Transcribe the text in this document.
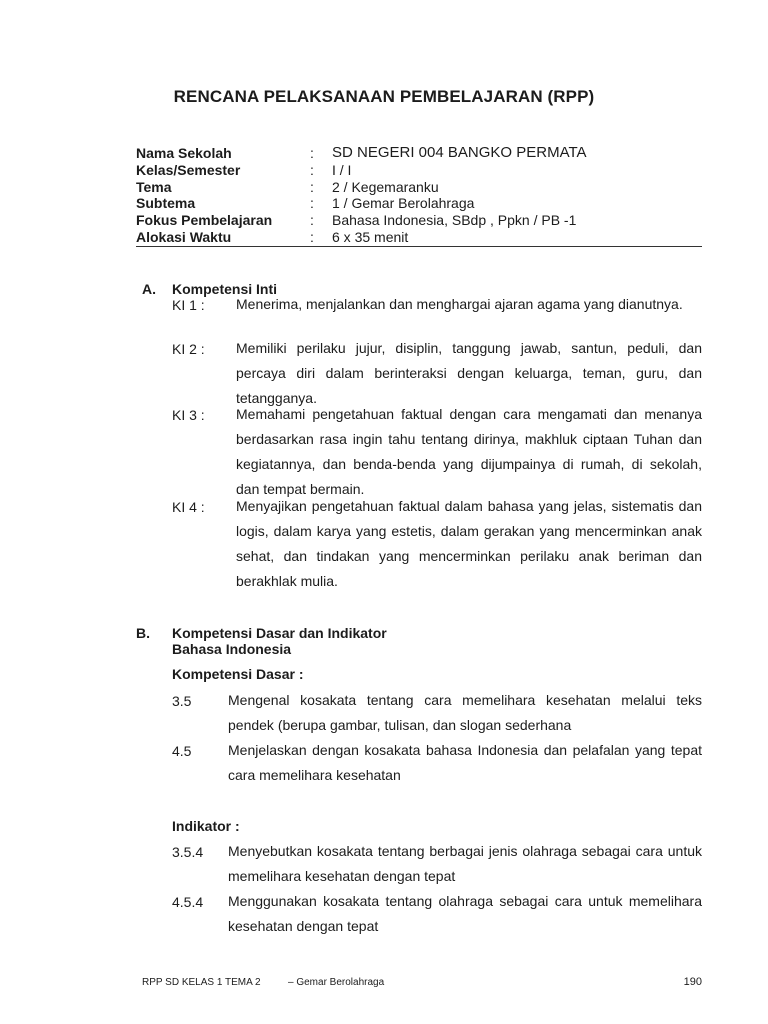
RENCANA PELAKSANAAN PEMBELAJARAN (RPP)
Nama Sekolah	: SD NEGERI 004 BANGKO PERMATA
Kelas/Semester	: I / I
Tema	: 2 / Kegemaranku
Subtema	: 1 / Gemar Berolahraga
Fokus Pembelajaran	: Bahasa Indonesia, SBdp , Ppkn / PB -1
Alokasi Waktu	: 6 x 35 menit
A. Kompetensi Inti
KI 1 :	Menerima, menjalankan dan menghargai ajaran agama yang dianutnya.
KI 2 :	Memiliki perilaku jujur, disiplin, tanggung jawab, santun, peduli, dan percaya diri dalam berinteraksi dengan keluarga, teman, guru, dan tetangganya.
KI 3 :	Memahami pengetahuan faktual dengan cara mengamati dan menanya berdasarkan rasa ingin tahu tentang dirinya, makhluk ciptaan Tuhan dan kegiatannya, dan benda-benda yang dijumpainya di rumah, di sekolah, dan tempat bermain.
KI 4 :	Menyajikan pengetahuan faktual dalam bahasa yang jelas, sistematis dan logis, dalam karya yang estetis, dalam gerakan yang mencerminkan anak sehat, dan tindakan yang mencerminkan perilaku anak beriman dan berakhlak mulia.
B. Kompetensi Dasar dan Indikator
Bahasa Indonesia
Kompetensi Dasar :
3.5	Mengenal kosakata tentang cara memelihara kesehatan melalui teks pendek (berupa gambar, tulisan, dan slogan sederhana
4.5	Menjelaskan dengan kosakata bahasa Indonesia dan pelafalan yang tepat cara memelihara kesehatan
Indikator :
3.5.4 Menyebutkan kosakata tentang berbagai jenis olahraga sebagai cara untuk memelihara kesehatan dengan tepat
4.5.4 Menggunakan kosakata tentang olahraga sebagai cara untuk memelihara kesehatan dengan tepat
RPP SD KELAS 1 TEMA 2	– Gemar Berolahraga	190
